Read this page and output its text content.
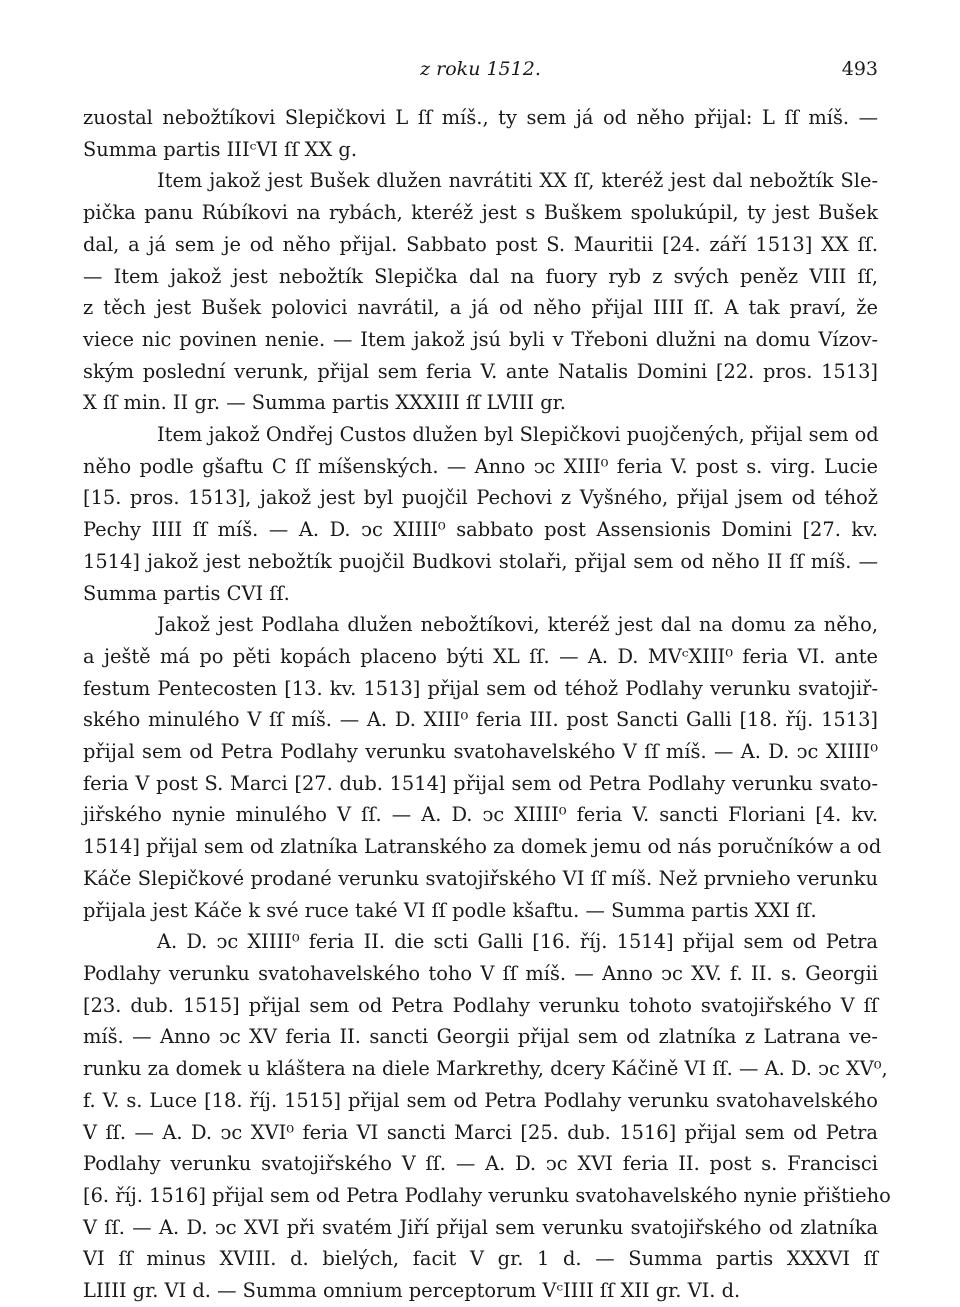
z roku 1512.	493

zuostal nebožtíkovi Slepičkovi L ſſ míš., ty sem já od něho přijal: L ſſ míš. —
Summa partis IIIᶜVI ſſ XX g.

Item jakož jest Bušek dlužen navrátiti XX ſſ, kteréž jest dal nebožtík Sle-
pička panu Rúbíkovi na rybách, kteréž jest s Buškem spolukúpil, ty jest Bušek
dal, a já sem je od něho přijal. Sabbato post S. Mauritii [24. září 1513] XX ſſ.
— Item jakož jest nebožtík Slepička dal na fuory ryb z svých peněz VIII ſſ,
z těch jest Bušek polovici navrátil, a já od něho přijal IIII ſſ. A tak praví, že
viece nic povinen nenie. — Item jakož jsú byli v Třeboni dlužni na domu Vízov-
ským poslední verunk, přijal sem feria V. ante Natalis Domini [22. pros. 1513]
X ſſ min. II gr. — Summa partis XXXIII ſſ LVIII gr.

Item jakož Ondřej Custos dlužen byl Slepičkovi puojčených, přijal sem od
něho podle gšaftu C ſſ míšenských. — Anno ↄc XIII⁰ feria V. post s. virg. Lucie
[15. pros. 1513], jakož jest byl puojčil Pechovi z Vyšného, přijal jsem od téhož
Pechy IIII ſſ míš. — A. D. ↄc XIIII⁰ sabbato post Assensionis Domini [27. kv.
1514] jakož jest nebožtík puojčil Budkovi stolaři, přijal sem od něho II ſſ míš. —
Summa partis CVI ſſ.

Jakož jest Podlaha dlužen nebožtíkovi, kteréž jest dal na domu za něho,
a ještě má po pěti kopách placeno býti XL ſſ. — A. D. MVᶜXIII⁰ feria VI. ante
festum Pentecosten [13. kv. 1513] přijal sem od téhož Podlahy verunku svatojiř-
ského minulého V ſſ míš. — A. D. XIII⁰ feria III. post Sancti Galli [18. říj. 1513]
přijal sem od Petra Podlahy verunku svatohavelského V ſſ míš. — A. D. ↄc XIIII⁰
feria V post S. Marci [27. dub. 1514] přijal sem od Petra Podlahy verunku svato-
jiřského nynie minulého V ſſ. — A. D. ↄc XIIII⁰ feria V. sancti Floriani [4. kv.
1514] přijal sem od zlatníka Latranského za domek jemu od nás poručníków a od
Káče Slepičkové prodané verunku svatojiřského VI ſſ míš. Než prvnieho verunku
přijala jest Káče k své ruce také VI ſſ podle kšaftu. — Summa partis XXI ſſ.

A. D. ↄc XIIII⁰ feria II. die scti Galli [16. říj. 1514] přijal sem od Petra
Podlahy verunku svatohavelského toho V ſſ míš. — Anno ↄc XV. f. II. s. Georgii
[23. dub. 1515] přijal sem od Petra Podlahy verunku tohoto svatojiřského V ſſ
míš. — Anno ↄc XV feria II. sancti Georgii přijal sem od zlatníka z Latrana ve-
runku za domek u kláštera na diele Markrethy, dcery Káčině VI ſſ. — A. D. ↄc XV⁰,
f. V. s. Luce [18. říj. 1515] přijal sem od Petra Podlahy verunku svatohavelského
V ſſ. — A. D. ↄc XVI⁰ feria VI sancti Marci [25. dub. 1516] přijal sem od Petra
Podlahy verunku svatojiřského V ſſ. — A. D. ↄc XVI feria II. post s. Francisci
[6. říj. 1516] přijal sem od Petra Podlahy verunku svatohavelského nynie přištieho
V ſſ. — A. D. ↄc XVI při svatém Jiří přijal sem verunku svatojiřského od zlatníka
VI ſſ minus XVIII. d. bielých, facit V gr. 1 d. — Summa partis XXXVI ſſ
LIIII gr. VI d. — Summa omnium perceptorum VᶜIIII ſſ XII gr. VI. d.
